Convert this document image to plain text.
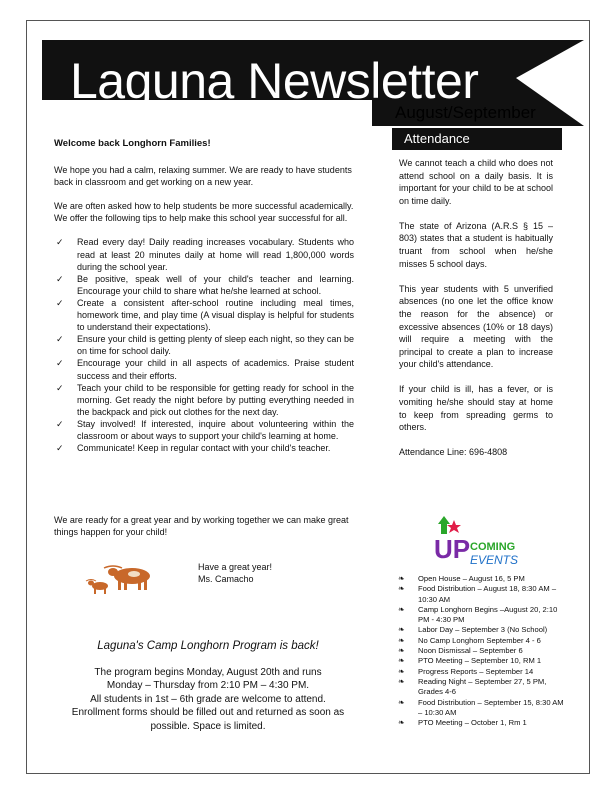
Laguna Newsletter
August/September

Welcome back Longhorn Families!

We hope you had a calm, relaxing summer. We are ready to have students back in classroom and get working on a new year.

We are often asked how to help students be more successful academically. We offer the following tips to help make this school year successful for all.

✓ Read every day! Daily reading increases vocabulary. Students who read at least 20 minutes daily at home will read 1,800,000 words during the school year.
✓ Be positive, speak well of your child's teacher and learning. Encourage your child to share what he/she learned at school.
✓ Create a consistent after-school routine including meal times, homework time, and play time (A visual display is helpful for students to understand their expectations).
✓ Ensure your child is getting plenty of sleep each night, so they can be on time for school daily.
✓ Encourage your child in all aspects of academics. Praise student success and their efforts.
✓ Teach your child to be responsible for getting ready for school in the morning. Get ready the night before by putting everything needed in the backpack and pick out clothes for the next day.
✓ Stay involved! If interested, inquire about volunteering within the classroom or about ways to support your child's learning at home.
✓ Communicate! Keep in regular contact with your child's teacher.
We are ready for a great year and by working together we can make great things happen for your child!
Have a great year!
Ms. Camacho
Laguna's Camp Longhorn Program is back!
The program begins Monday, August 20th and runs
Monday – Thursday from 2:10 PM – 4:30 PM.
All students in 1st – 6th grade are welcome to attend.
Enrollment forms should be filled out and returned as soon as possible. Space is limited.
Attendance

We cannot teach a child who does not attend school on a daily basis. It is important for your child to be at school on time daily.

The state of Arizona (A.R.S § 15 – 803) states that a student is habitually truant from school when he/she misses 5 school days.

This year students with 5 unverified absences (no one let the office know the reason for the absence) or excessive absences (10% or 18 days) will require a meeting with the principal to create a plan to increase your child's attendance.

If your child is ill, has a fever, or is vomiting he/she should stay at home to keep from spreading germs to others.

Attendance Line: 696-4808

UP COMING
EVENTS
❧ Open House – August 16, 5 PM
❧ Food Distribution – August 18, 8:30 AM – 10:30 AM
❧ Camp Longhorn Begins –August 20, 2:10 PM - 4:30 PM
❧ Labor Day – September 3 (No School)
❧ No Camp Longhorn September 4 - 6
❧ Noon Dismissal – September 6
❧ PTO Meeting – September 10, RM 1
❧ Progress Reports – September 14
❧ Reading Night – September 27, 5 PM, Grades 4-6
❧ Food Distribution – September 15, 8:30 AM – 10:30 AM
❧ PTO Meeting – October 1, Rm 1
